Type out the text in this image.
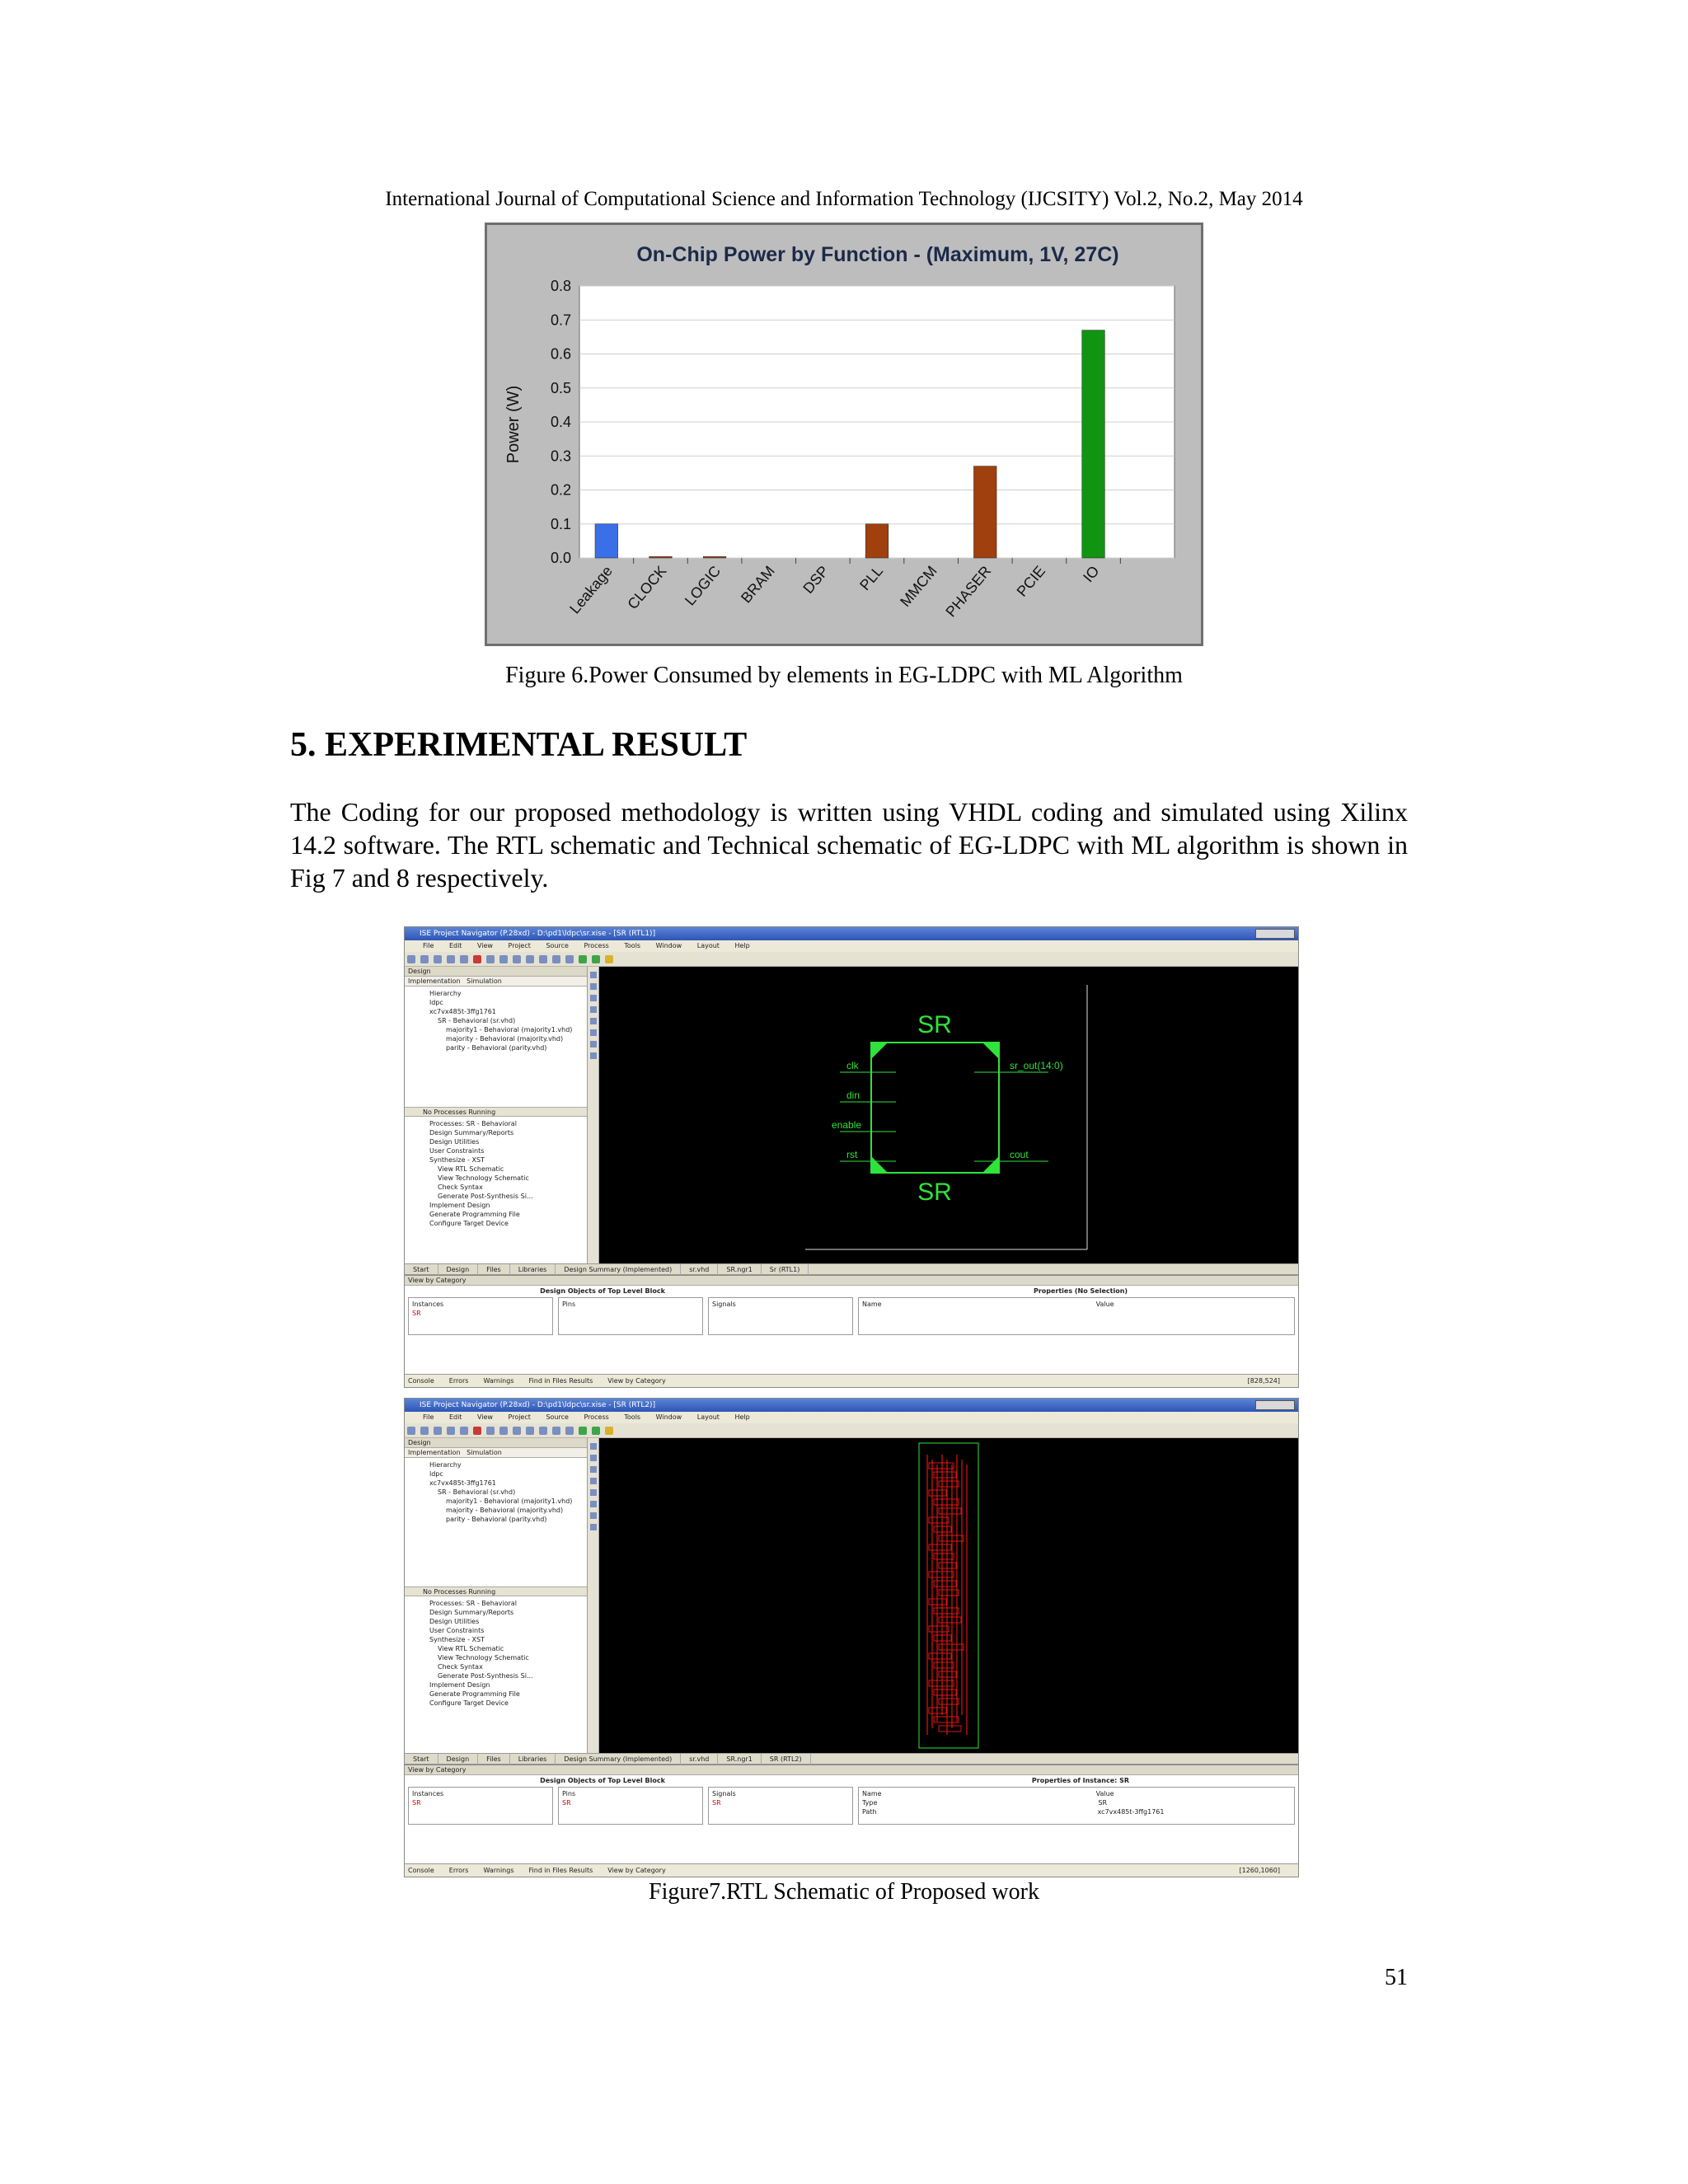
International Journal of Computational Science and Information Technology (IJCSITY) Vol.2, No.2, May 2014
On-Chip Power by Function - (Maximum, 1V, 27C)
Power (W)
0.0
0.1
0.2
0.3
0.4
0.5
0.6
0.7
0.8
Leakage CLOCK LOGIC BRAM DSP PLL MMCM PHASER PCIE IO
Figure 6.Power Consumed by elements in EG-LDPC with ML Algorithm
5. EXPERIMENTAL RESULT

The Coding for our proposed methodology is written using VHDL coding and simulated using Xilinx 14.2 software. The RTL schematic and Technical schematic of EG-LDPC with ML algorithm is shown in Fig 7 and 8 respectively.

ISE Project Navigator (P.28xd) - D:\pd1\ldpc\sr.xise - [SR (RTL1)]
File Edit View Project Source Process Tools Window Layout Help
Design
Implementation Simulation
Hierarchy
ldpc
xc7vx485t-3ffg1761
SR - Behavioral (sr.vhd)
majority1 - Behavioral (majority1.vhd)
majority - Behavioral (majority.vhd)
parity - Behavioral (parity.vhd)
No Processes Running
Processes: SR - Behavioral
Design Summary/Reports
Design Utilities
User Constraints
Synthesize - XST
View RTL Schematic
View Technology Schematic
Check Syntax
Generate Post-Synthesis Si...
Implement Design
Generate Programming File
Configure Target Device
SR
SR
clk
din
enable
rst
sr_out(14:0)
cout
Start	Design	Files	Libraries	Design Summary (Implemented)	sr.vhd	SR.ngr1	Sr (RTL1)
View by Category
Design Objects of Top Level Block	Properties (No Selection)
Instances
SR
Pins	Signals	Name	Value
Console Errors Warnings Find in Files Results View by Category	[828,524]
ISE Project Navigator (P.28xd) - D:\pd1\ldpc\sr.xise - [SR (RTL2)]
File Edit View Project Source Process Tools Window Layout Help
Design
Implementation Simulation
Hierarchy
ldpc
xc7vx485t-3ffg1761
SR - Behavioral (sr.vhd)
majority1 - Behavioral (majority1.vhd)
majority - Behavioral (majority.vhd)
parity - Behavioral (parity.vhd)
No Processes Running
Processes: SR - Behavioral
Design Summary/Reports
Design Utilities
User Constraints
Synthesize - XST
View RTL Schematic
View Technology Schematic
Check Syntax
Generate Post-Synthesis Si...
Implement Design
Generate Programming File
Configure Target Device
Start	Design	Files	Libraries	Design Summary (Implemented)	sr.vhd	SR.ngr1	SR (RTL2)
View by Category
Design Objects of Top Level Block	Properties of Instance: SR
Instances
SR
Pins
SR
Signals
SR
Name	Value
Type	SR
Path	xc7vx485t-3ffg1761
Console Errors Warnings Find in Files Results View by Category	[1260,1060]
Figure7.RTL Schematic of Proposed work
51
